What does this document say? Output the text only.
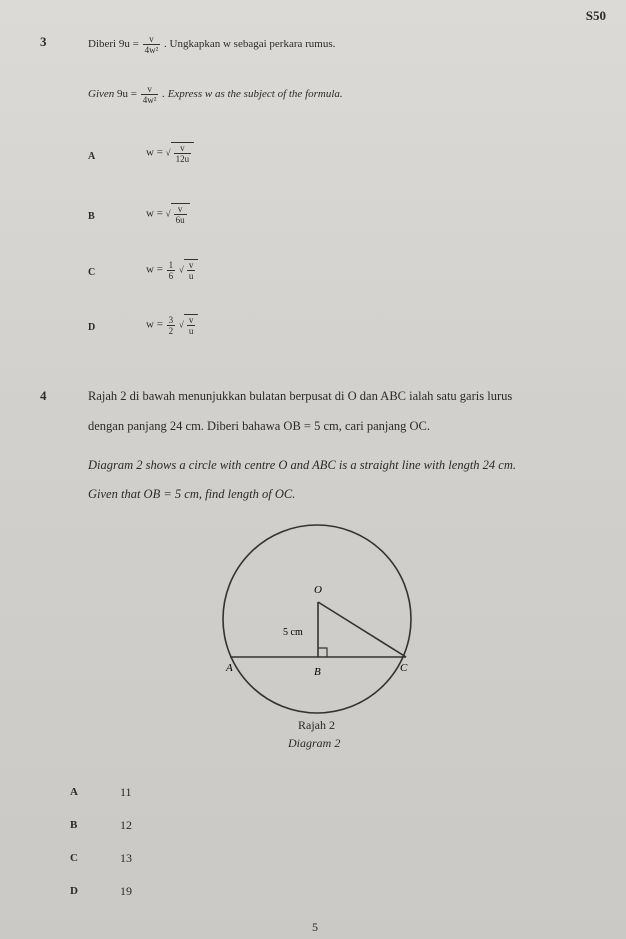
S50
3	Diberi $9u = \frac{v}{\text{4w²}}$ . Ungkapkan w sebagai perkara rumus.
Given $9u = \frac{v}{\text{4w²}}$ . Express w as the subject of the formula.
A	w = √ $\frac{v}{12u}$
B	w = √ $\frac{v}{6u}$
C	$w = \frac{1}{6}$ √ $\frac{v}{u}$
D	$w = \frac{3}{2}$ √ $\frac{v}{u}$
4	Rajah 2 di bawah menunjukkan bulatan berpusat di O dan ABC ialah satu garis lurus
dengan panjang 24 cm. Diberi bahawa OB = 5 cm, cari panjang OC.
Diagram 2 shows a circle with centre O and ABC is a straight line with length 24 cm.
Given that OB = 5 cm, find length of OC.
O
5 cm
A	B	C
Rajah 2
Diagram 2
A	11
B	12
C	13
D	19
5
